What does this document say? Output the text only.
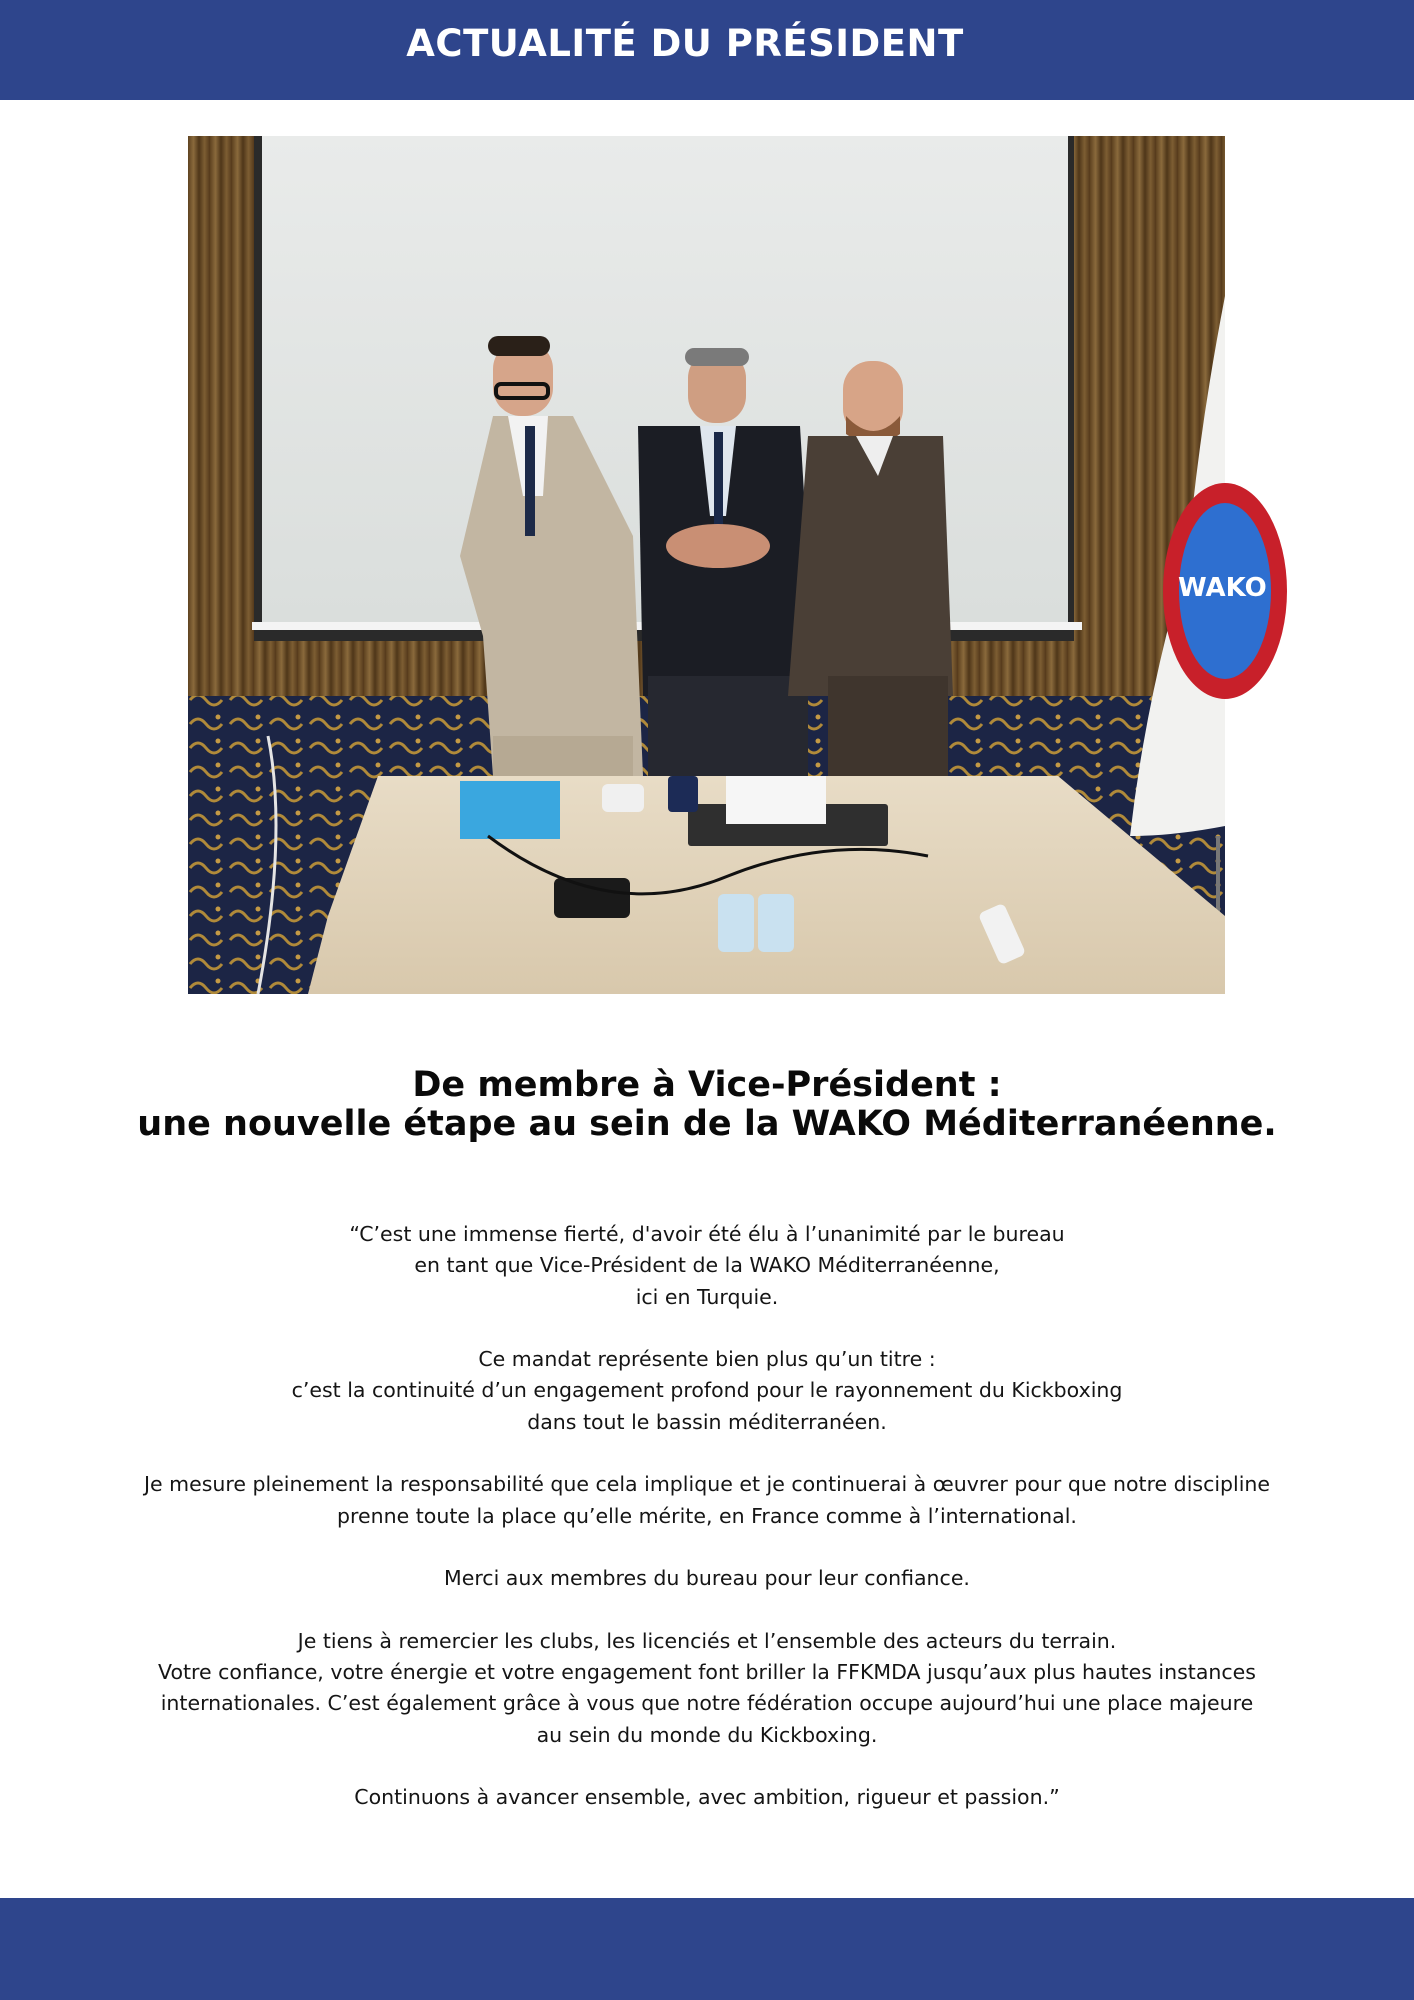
ACTUALITÉ DU PRÉSIDENT
WAKO
De membre à Vice-Président :
une nouvelle étape au sein de la WAKO Méditerranéenne.

“C’est une immense fierté, d'avoir été élu à l’unanimité par le bureau
en tant que Vice-Président de la WAKO Méditerranéenne,
ici en Turquie.

Ce mandat représente bien plus qu’un titre :
c’est la continuité d’un engagement profond pour le rayonnement du Kickboxing
dans tout le bassin méditerranéen.

Je mesure pleinement la responsabilité que cela implique et je continuerai à œuvrer pour que notre discipline
prenne toute la place qu’elle mérite, en France comme à l’international.

Merci aux membres du bureau pour leur confiance.

Je tiens à remercier les clubs, les licenciés et l’ensemble des acteurs du terrain.
Votre confiance, votre énergie et votre engagement font briller la FFKMDA jusqu’aux plus hautes instances
internationales. C’est également grâce à vous que notre fédération occupe aujourd’hui une place majeure
au sein du monde du Kickboxing.

Continuons à avancer ensemble, avec ambition, rigueur et passion.”
